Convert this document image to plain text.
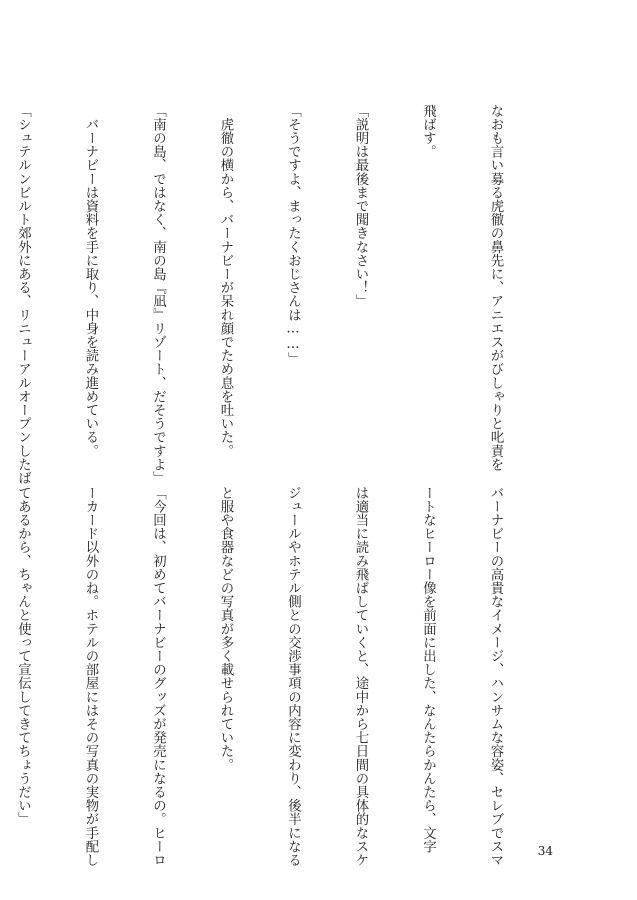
なおも言い募る虎徹の鼻先に、アニエスがびしゃりと叱責を

飛ばす。

「説明は最後まで聞きなさい！」

「そうですよ、まったくおじさんは……」

　虎徹の横から、バーナビーが呆れ顔でため息を吐いた。

「南の島、ではなく、南の島『凪』リゾート、だそうですよ」

　バーナビーは資料を手に取り、中身を読み進めている。

「シュテルンビルト郊外にある、リニューアルオープンしたば

バーナビーの高貴なイメージ、ハンサムな容姿、セレブでスマ

ートなヒーロー像を前面に出した、なんたらかんたら、文字

は適当に読み飛ばしていくと、途中から七日間の具体的なスケ

ジュールやホテル側との交渉事項の内容に変わり、後半になる

と服や食器などの写真が多く載せられていた。

「今回は、初めてバーナビーのグッズが発売になるの。ヒーロ

ーカード以外のね。ホテルの部屋にはその写真の実物が手配し

てあるから、ちゃんと使って宣伝してきてちょうだい」

34
